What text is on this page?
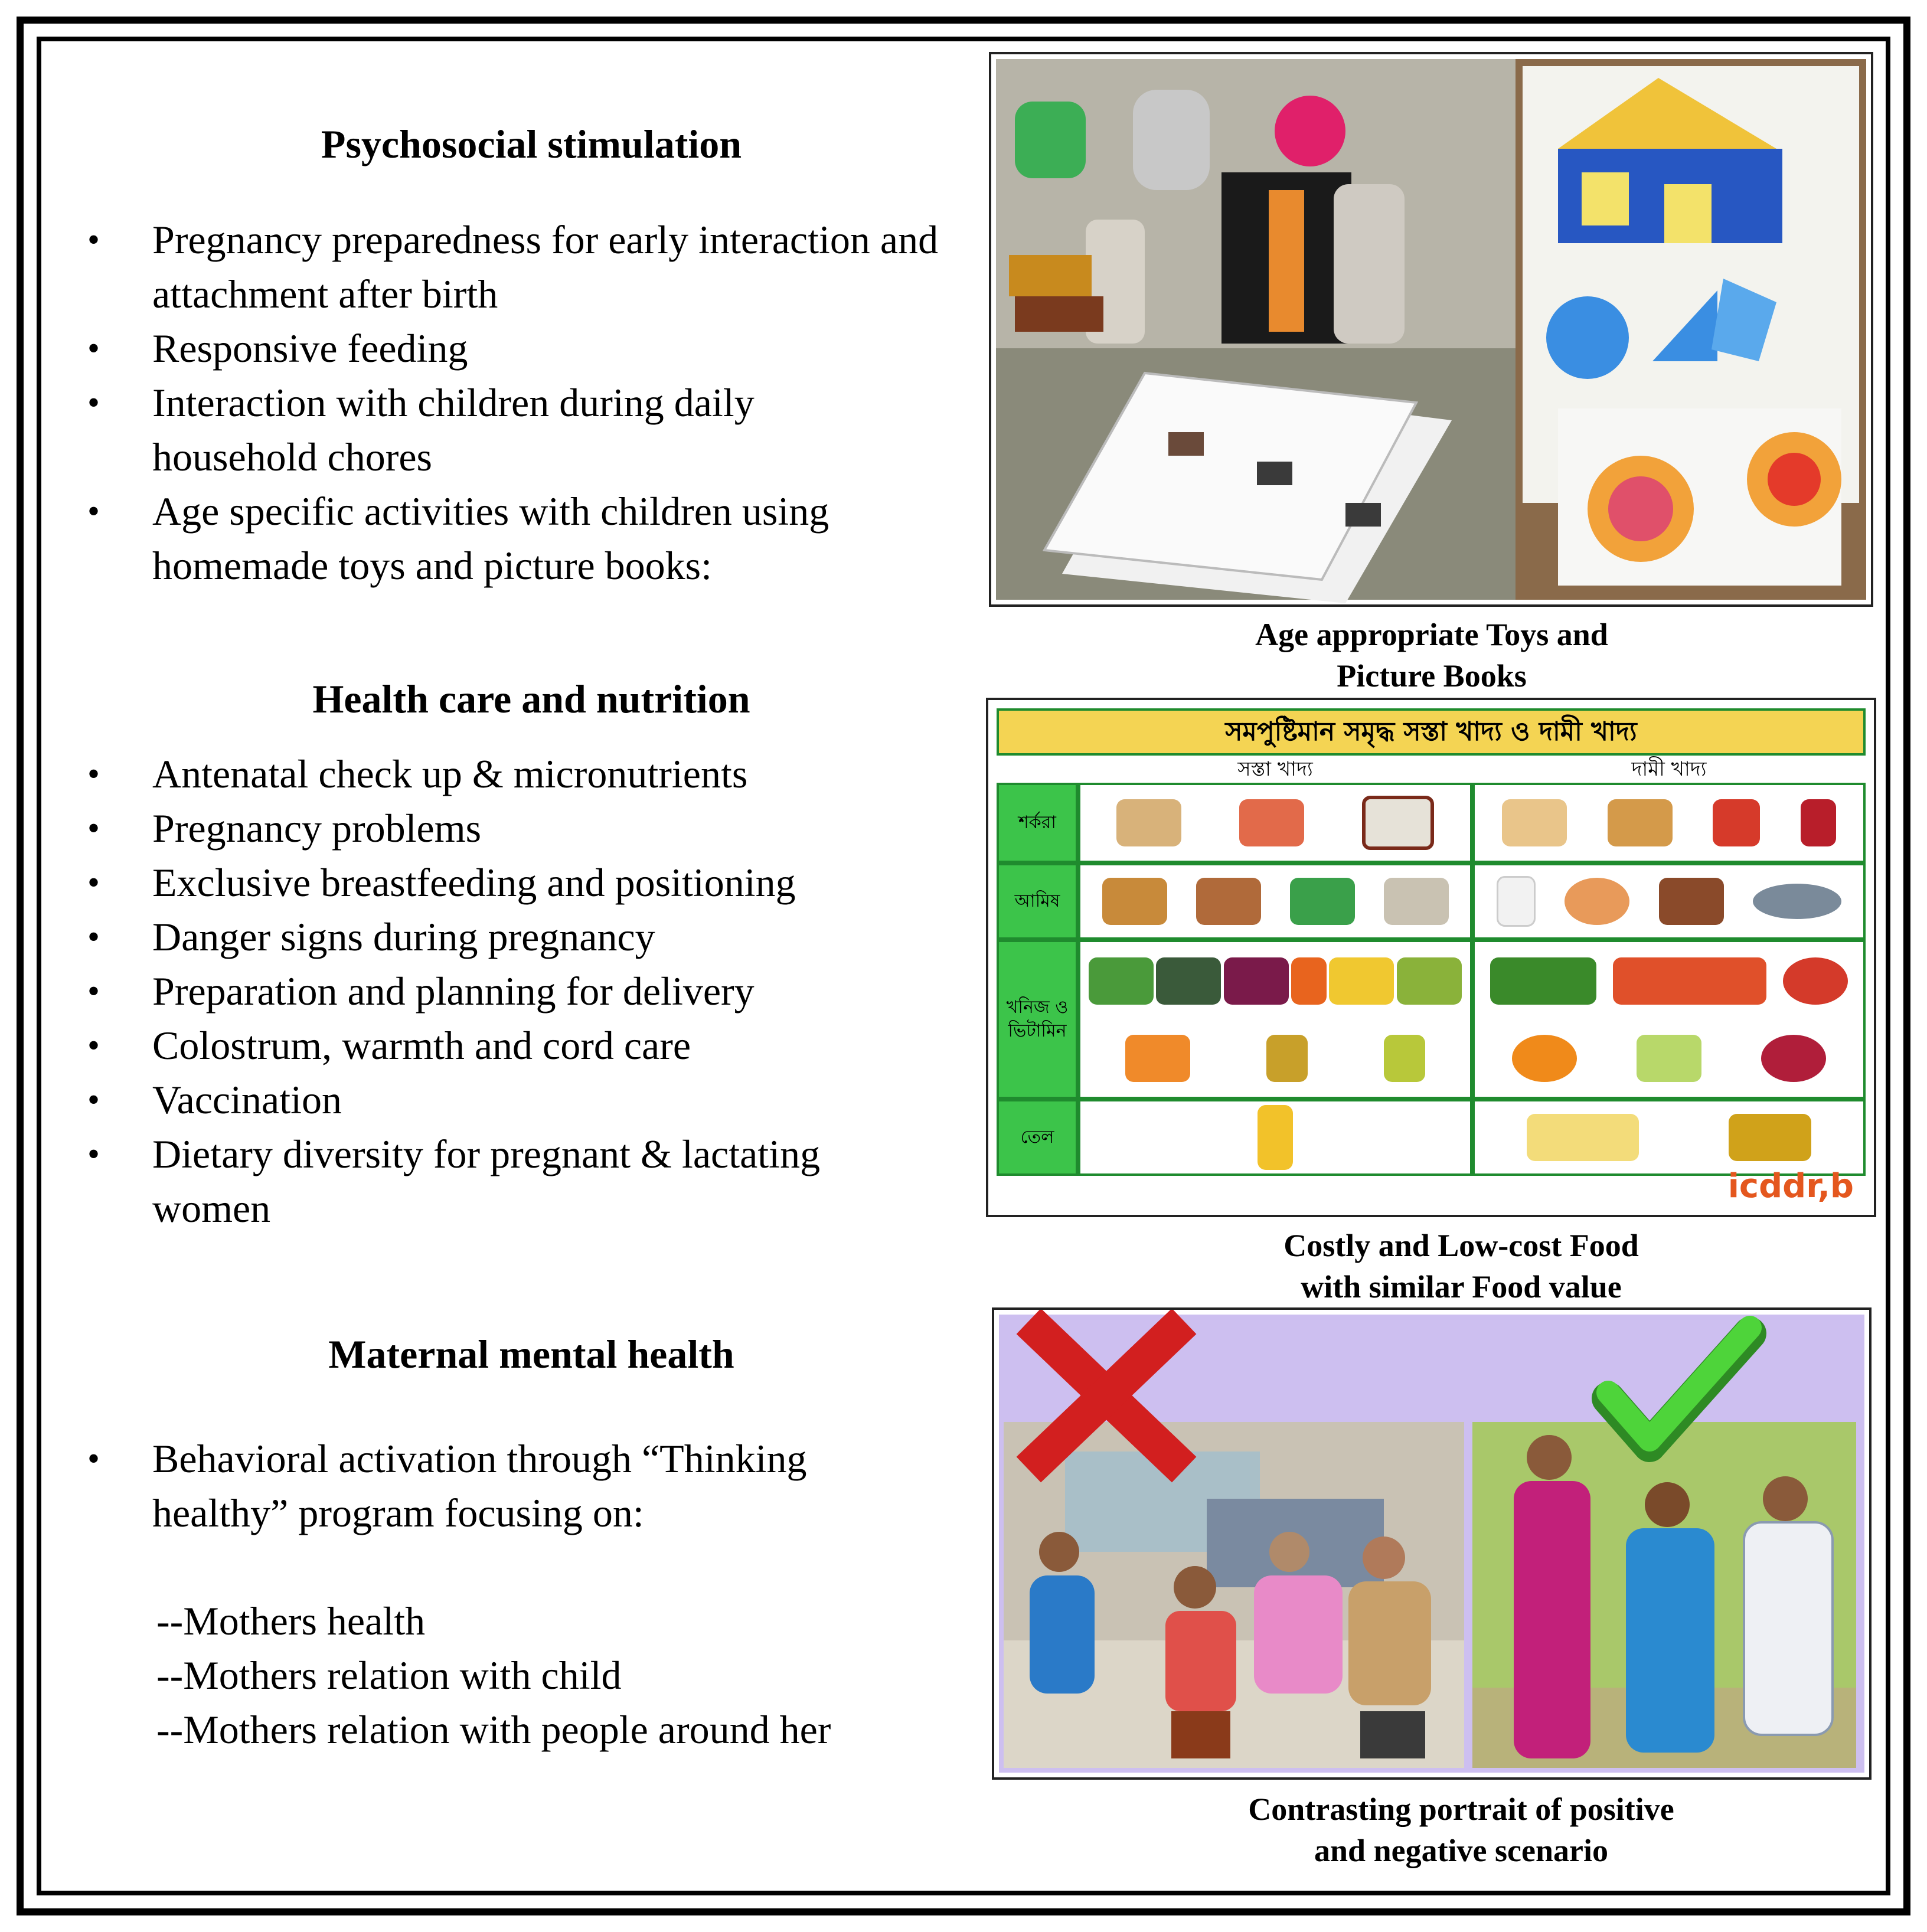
Psychosocial stimulation
• Pregnancy preparedness for early interaction and attachment after birth
• Responsive feeding
• Interaction with children during daily household chores
• Age specific activities with children using homemade toys and picture books:
Health care and nutrition
• Antenatal check up & micronutrients
• Pregnancy problems
• Exclusive breastfeeding and positioning
• Danger signs during pregnancy
• Preparation and planning for delivery
• Colostrum, warmth and cord care
• Vaccination
• Dietary diversity for pregnant & lactating women
Maternal mental health
• Behavioral activation through “Thinking healthy” program focusing on:
--Mothers health
--Mothers relation with child
--Mothers relation with people around her
Age appropriate Toys and
Picture Books
সমপুষ্টিমান সমৃদ্ধ সস্তা খাদ্য ও দামী খাদ্য
সস্তা খাদ্য	দামী খাদ্য
শর্করা
আমিষ
খনিজ ও ভিটামিন
তেল
icddr,b
Costly and Low-cost Food
with similar Food value
Contrasting portrait of positive
and negative scenario
